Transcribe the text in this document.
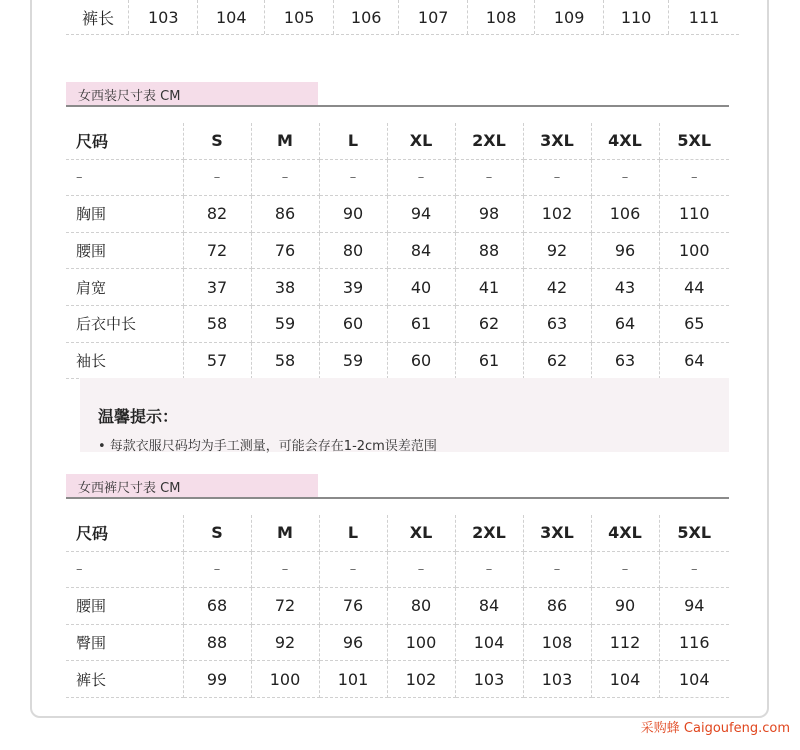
裤长	103	104	105	106	107	108	109	110	111
女西装尺寸表 CM
尺码	S	M	L	XL	2XL	3XL	4XL	5XL
–	–	–	–	–	–	–	–	–
胸围	82	86	90	94	98	102	106	110
腰围	72	76	80	84	88	92	96	100
肩宽	37	38	39	40	41	42	43	44
后衣中长	58	59	60	61	62	63	64	65
袖长	57	58	59	60	61	62	63	64
温馨提示：
• 每款衣服尺码均为手工测量，可能会存在1-2cm误差范围
女西裤尺寸表 CM
尺码	S	M	L	XL	2XL	3XL	4XL	5XL
–	–	–	–	–	–	–	–	–
腰围	68	72	76	80	84	86	90	94
臀围	88	92	96	100	104	108	112	116
裤长	99	100	101	102	103	103	104	104
采购蜂 Caigoufeng.com
